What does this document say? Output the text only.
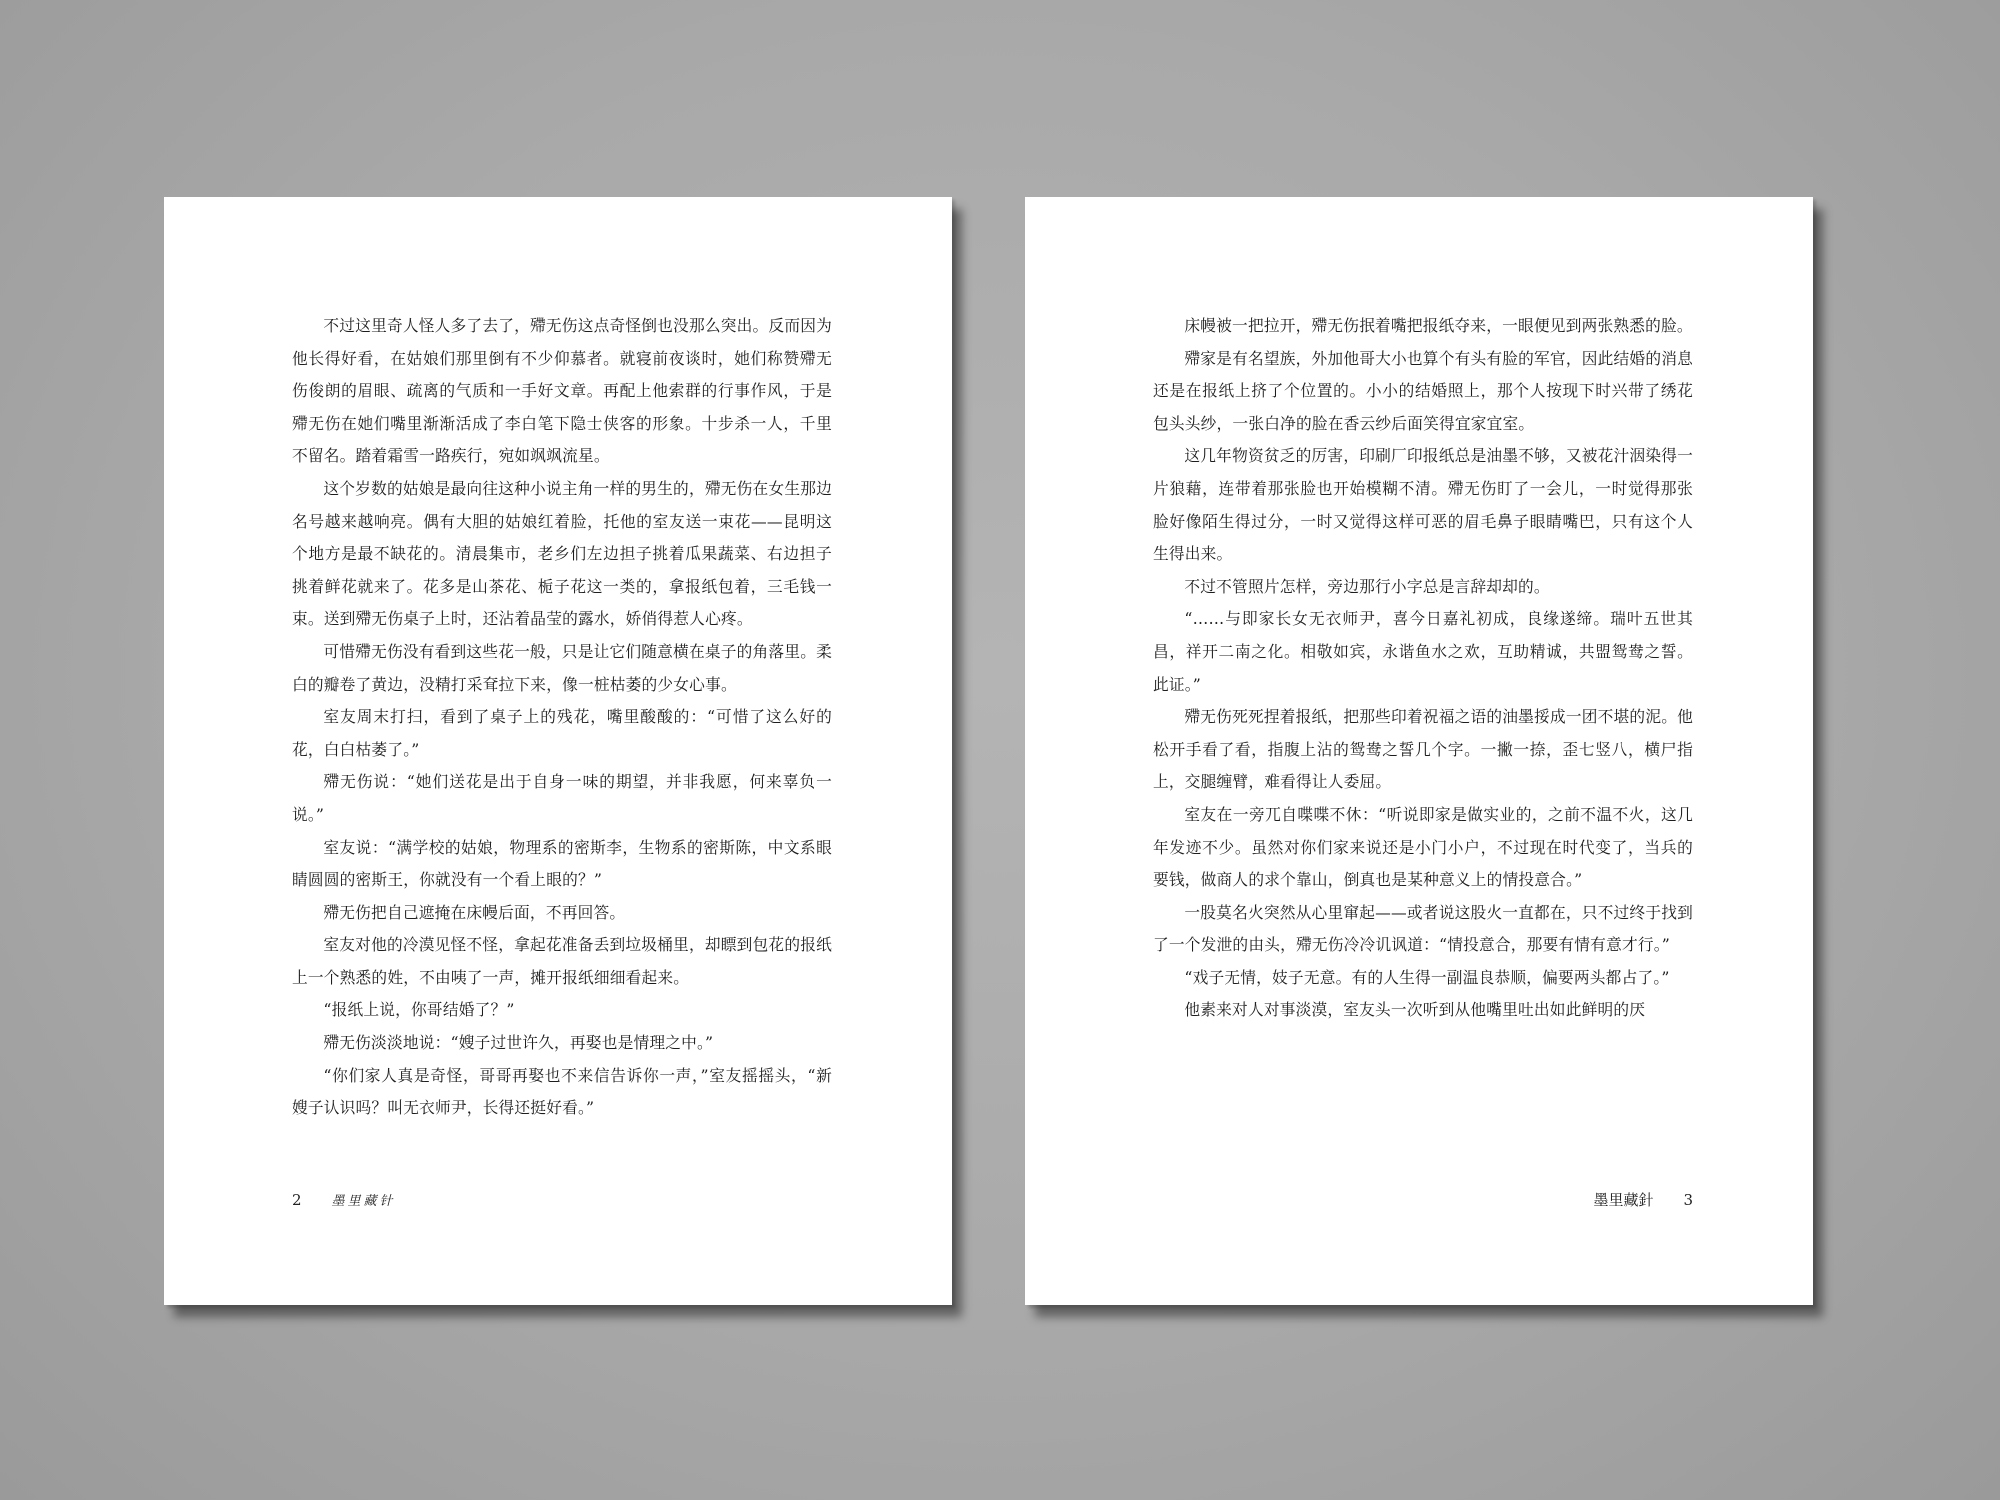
不过这里奇人怪人多了去了，殢无伤这点奇怪倒也没那么突出。反而因为他长得好看，在姑娘们那里倒有不少仰慕者。就寝前夜谈时，她们称赞殢无伤俊朗的眉眼、疏离的气质和一手好文章。再配上他索群的行事作风，于是殢无伤在她们嘴里渐渐活成了李白笔下隐士侠客的形象。十步杀一人，千里不留名。踏着霜雪一路疾行，宛如飒飒流星。

这个岁数的姑娘是最向往这种小说主角一样的男生的，殢无伤在女生那边名号越来越响亮。偶有大胆的姑娘红着脸，托他的室友送一束花——昆明这个地方是最不缺花的。清晨集市，老乡们左边担子挑着瓜果蔬菜、右边担子挑着鲜花就来了。花多是山茶花、栀子花这一类的，拿报纸包着，三毛钱一束。送到殢无伤桌子上时，还沾着晶莹的露水，娇俏得惹人心疼。

可惜殢无伤没有看到这些花一般，只是让它们随意横在桌子的角落里。柔白的瓣卷了黄边，没精打采耷拉下来，像一桩枯萎的少女心事。

室友周末打扫，看到了桌子上的残花，嘴里酸酸的：“可惜了这么好的花，白白枯萎了。”

殢无伤说：“她们送花是出于自身一味的期望，并非我愿，何来辜负一说。”

室友说：“满学校的姑娘，物理系的密斯李，生物系的密斯陈，中文系眼睛圆圆的密斯王，你就没有一个看上眼的？”

殢无伤把自己遮掩在床幔后面，不再回答。

室友对他的冷漠见怪不怪，拿起花准备丢到垃圾桶里，却瞟到包花的报纸上一个熟悉的姓，不由咦了一声，摊开报纸细细看起来。

“报纸上说，你哥结婚了？”

殢无伤淡淡地说：“嫂子过世许久，再娶也是情理之中。”

“你们家人真是奇怪，哥哥再娶也不来信告诉你一声，”室友摇摇头，“新嫂子认识吗？叫无衣师尹，长得还挺好看。”

2 墨里藏针

床幔被一把拉开，殢无伤抿着嘴把报纸夺来，一眼便见到两张熟悉的脸。

殢家是有名望族，外加他哥大小也算个有头有脸的军官，因此结婚的消息还是在报纸上挤了个位置的。小小的结婚照上，那个人按现下时兴带了绣花包头头纱，一张白净的脸在香云纱后面笑得宜家宜室。

这几年物资贫乏的厉害，印刷厂印报纸总是油墨不够，又被花汁洇染得一片狼藉，连带着那张脸也开始模糊不清。殢无伤盯了一会儿，一时觉得那张脸好像陌生得过分，一时又觉得这样可恶的眉毛鼻子眼睛嘴巴，只有这个人生得出来。

不过不管照片怎样，旁边那行小字总是言辞却却的。

“……与即家长女无衣师尹，喜今日嘉礼初成，良缘遂缔。瑞叶五世其昌，祥开二南之化。相敬如宾，永谐鱼水之欢，互助精诚，共盟鸳鸯之誓。此证。”

殢无伤死死捏着报纸，把那些印着祝福之语的油墨挼成一团不堪的泥。他松开手看了看，指腹上沾的鸳鸯之誓几个字。一撇一捺，歪七竖八，横尸指上，交腿缠臂，难看得让人委屈。

室友在一旁兀自喋喋不休：“听说即家是做实业的，之前不温不火，这几年发迹不少。虽然对你们家来说还是小门小户，不过现在时代变了，当兵的要钱，做商人的求个靠山，倒真也是某种意义上的情投意合。”

一股莫名火突然从心里窜起——或者说这股火一直都在，只不过终于找到了一个发泄的由头，殢无伤冷冷讥讽道：“情投意合，那要有情有意才行。”

“戏子无情，妓子无意。有的人生得一副温良恭顺，偏要两头都占了。”

他素来对人对事淡漠，室友头一次听到从他嘴里吐出如此鲜明的厌

墨里藏針 3
